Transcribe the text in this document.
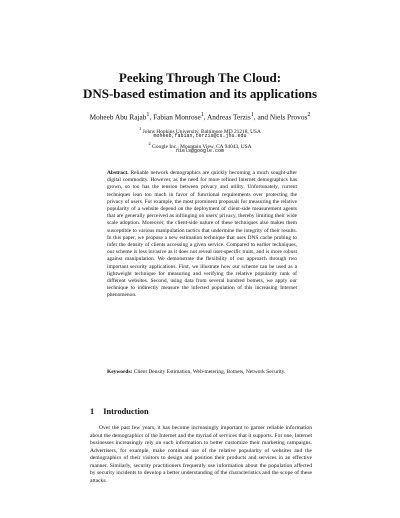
Peeking Through The Cloud:
DNS-based estimation and its applications
Moheeb Abu Rajab$^1$, Fabian Monrose$^1$, Andreas Terzis$^1$, and Niels Provos$^2$
$^1$ Johns Hopkins University, Baltimore MD 21218, USA
moheeb,fabian,terzis@cs.jhu.edu
$^2$ Google Inc., Mountain View, CA 94043, USA
niels@google.com
Abstract. Reliable network demographics are quickly becoming a much sought-after digital commodity. However, as the need for more refined Internet demographics has grown, so too has the tension between privacy and utility. Unfortunately, current techniques lean too much in favor of functional requirements over protecting the privacy of users. For example, the most prominent proposals for measuring the relative popularity of a website depend on the deployment of client-side measurement agents that are generally perceived as infringing on users' privacy, thereby limiting their wide scale adoption. Moreover, the client-side nature of these techniques also makes them susceptible to various manipulation tactics that undermine the integrity of their results. In this paper, we propose a new estimation technique that uses DNS cache probing to infer the density of clients accessing a given service. Compared to earlier techniques, our scheme is less invasive as it does not reveal user-specific traits, and is more robust against manipulation. We demonstrate the flexibility of our approach through two important security applications. First, we illustrate how our scheme can be used as a lightweight technique for measuring and verifying the relative popularity rank of different websites. Second, using data from several hundred botnets, we apply our technique to indirectly measure the infected population of this increasing Internet phenomenon.
Keywords: Client Density Estimation, Web-metering, Botnets, Network Security.
1 Introduction
Over the past few years, it has become increasingly important to garner reliable information about the demographics of the Internet and the myriad of services that it supports. For one, Internet businesses increasingly rely on such information to better customize their marketing campaigns. Advertisers, for example, make continual use of the relative popularity of websites and the demographics of their visitors to design and position their products and services in an effective manner. Similarly, security practitioners frequently use information about the population affected by security incidents to develop a better understanding of the characteristics and the scope of these attacks.
